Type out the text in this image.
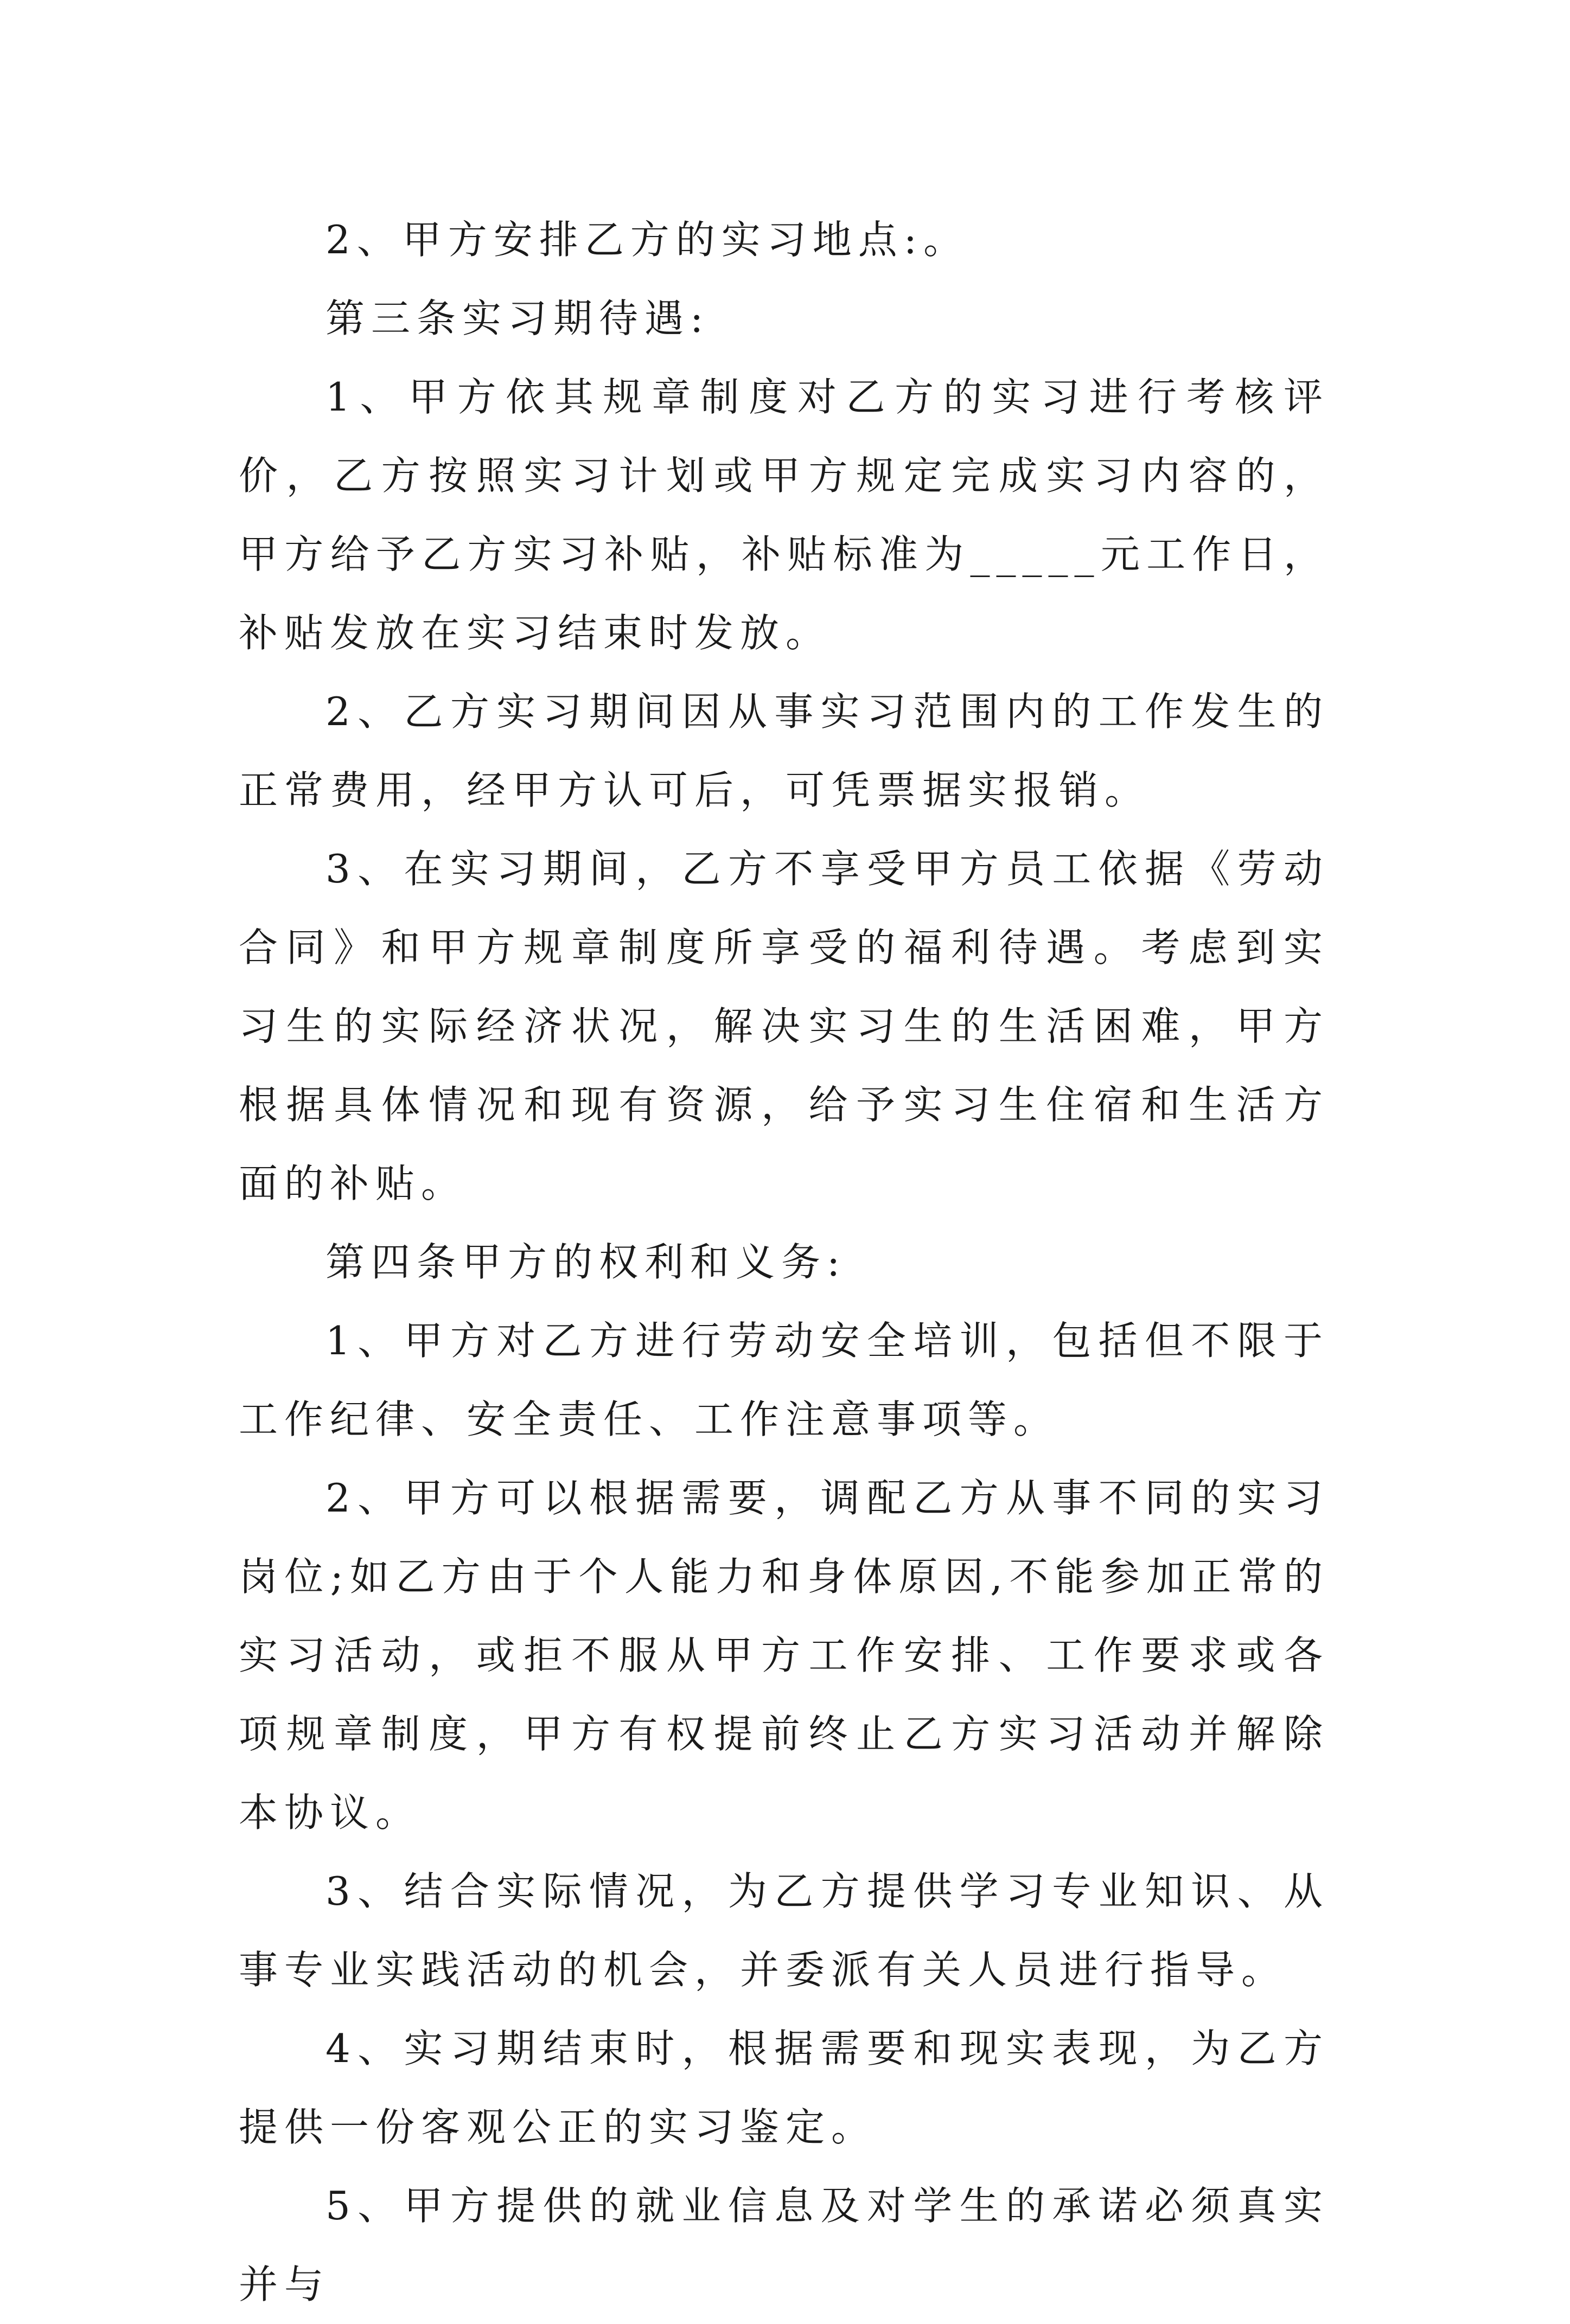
2、甲方安排乙方的实习地点:。

第三条实习期待遇:

1、甲方依其规章制度对乙方的实习进行考核评价，乙方按照实习计划或甲方规定完成实习内容的，甲方给予乙方实习补贴，补贴标准为_____元工作日，补贴发放在实习结束时发放。

2、乙方实习期间因从事实习范围内的工作发生的正常费用，经甲方认可后，可凭票据实报销。

3、在实习期间，乙方不享受甲方员工依据《劳动合同》和甲方规章制度所享受的福利待遇。考虑到实习生的实际经济状况，解决实习生的生活困难，甲方根据具体情况和现有资源，给予实习生住宿和生活方面的补贴。

第四条甲方的权利和义务:

1、甲方对乙方进行劳动安全培训，包括但不限于工作纪律、安全责任、工作注意事项等。

2、甲方可以根据需要，调配乙方从事不同的实习岗位;如乙方由于个人能力和身体原因,不能参加正常的实习活动，或拒不服从甲方工作安排、工作要求或各项规章制度，甲方有权提前终止乙方实习活动并解除本协议。

3、结合实际情况，为乙方提供学习专业知识、从事专业实践活动的机会，并委派有关人员进行指导。

4、实习期结束时，根据需要和现实表现，为乙方提供一份客观公正的实习鉴定。

5、甲方提供的就业信息及对学生的承诺必须真实并与
